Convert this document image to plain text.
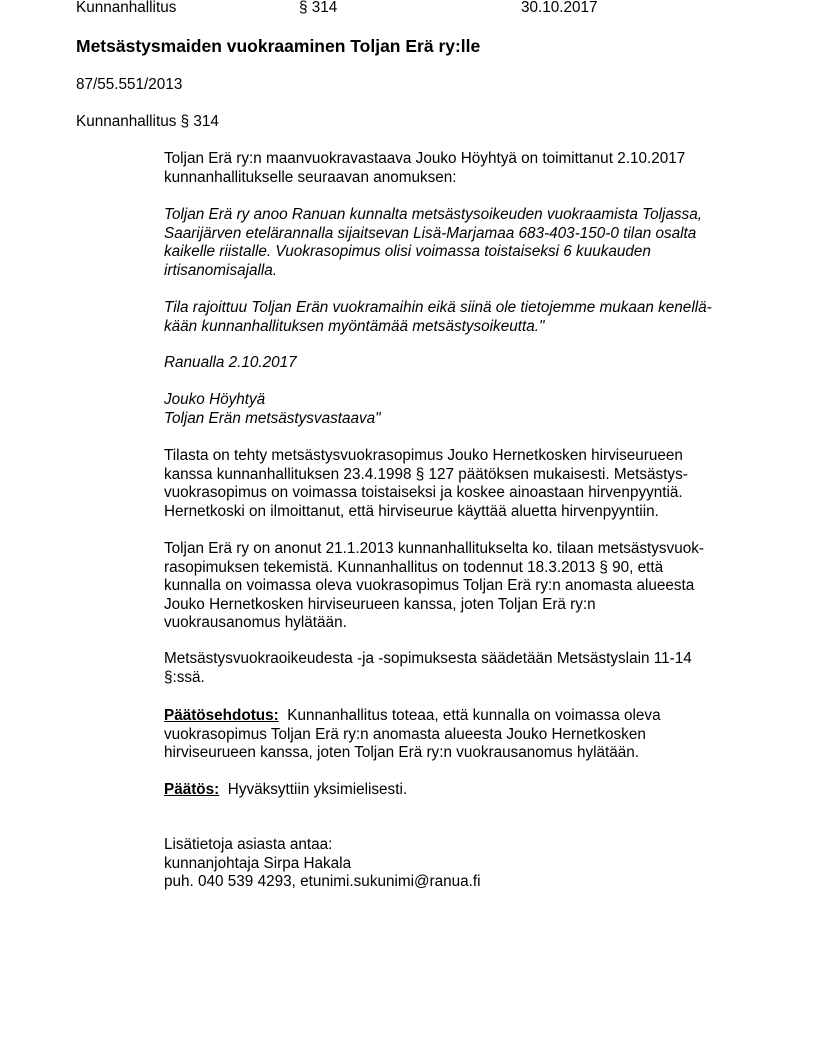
Kunnanhallitus	§ 314	30.10.2017
Metsästysmaiden vuokraaminen Toljan Erä ry:lle
87/55.551/2013
Kunnanhallitus § 314
Toljan Erä ry:n maanvuokravastaava Jouko Höyhtyä on toimittanut 2.10.2017
kunnanhallitukselle seuraavan anomuksen:
Toljan Erä ry anoo Ranuan kunnalta metsästysoikeuden vuokraamista Toljassa,
Saarijärven etelärannalla sijaitsevan Lisä-Marjamaa 683-403-150-0 tilan osalta
kaikelle riistalle. Vuokrasopimus olisi voimassa toistaiseksi 6 kuukauden
irtisanomisajalla.
Tila rajoittuu Toljan Erän vuokramaihin eikä siinä ole tietojemme mukaan kenellä-
kään kunnanhallituksen myöntämää metsästysoikeutta."
Ranualla 2.10.2017
Jouko Höyhtyä
Toljan Erän metsästysvastaava"
Tilasta on tehty metsästysvuokrasopimus Jouko Hernetkosken hirviseurueen
kanssa kunnanhallituksen 23.4.1998 § 127 päätöksen mukaisesti. Metsästys-
vuokrasopimus on voimassa toistaiseksi ja koskee ainoastaan hirvenpyyntiä.
Hernetkoski on ilmoittanut, että hirviseurue käyttää aluetta hirvenpyyntiin.
Toljan Erä ry on anonut 21.1.2013 kunnanhallitukselta ko. tilaan metsästysvuok-
rasopimuksen tekemistä. Kunnanhallitus on todennut 18.3.2013 § 90, että
kunnalla on voimassa oleva vuokrasopimus Toljan Erä ry:n anomasta alueesta
Jouko Hernetkosken hirviseurueen kanssa, joten Toljan Erä ry:n
vuokrausanomus hylätään.
Metsästysvuokraoikeudesta -ja -sopimuksesta säädetään Metsästyslain 11-14
§:ssä.
Päätösehdotus: Kunnanhallitus toteaa, että kunnalla on voimassa oleva
vuokrasopimus Toljan Erä ry:n anomasta alueesta Jouko Hernetkosken
hirviseurueen kanssa, joten Toljan Erä ry:n vuokrausanomus hylätään.
Päätös: Hyväksyttiin yksimielisesti.
Lisätietoja asiasta antaa:
kunnanjohtaja Sirpa Hakala
puh. 040 539 4293, etunimi.sukunimi@ranua.fi
